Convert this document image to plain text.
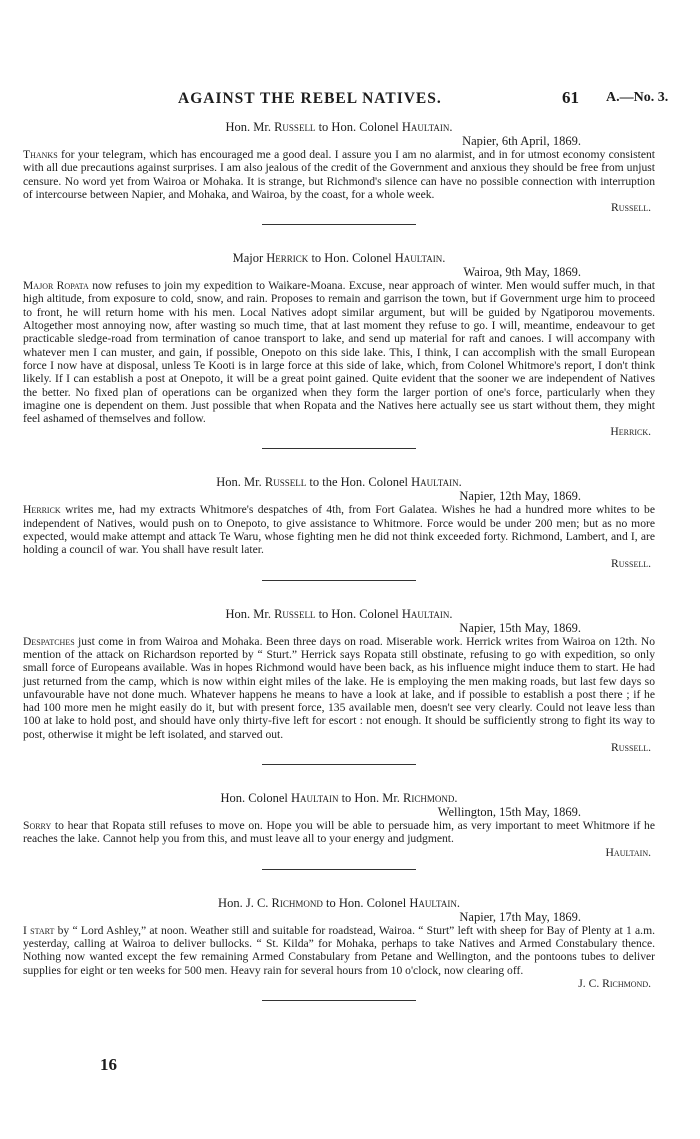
AGAINST THE REBEL NATIVES.	61 A.—No. 3.

Hon. Mr. Russell to Hon. Colonel Haultain.

Napier, 6th April, 1869.

Thanks for your telegram, which has encouraged me a good deal. I assure you I am no alarmist, and in for utmost economy consistent with all due precautions against surprises. I am also jealous of the credit of the Government and anxious they should be free from unjust censure. No word yet from Wairoa or Mohaka. It is strange, but Richmond's silence can have no possible connection with interruption of intercourse between Napier, and Mohaka, and Wairoa, by the coast, for a whole week.

Russell.

Major Herrick to Hon. Colonel Haultain.

Wairoa, 9th May, 1869.

Major Ropata now refuses to join my expedition to Waikare-Moana. Excuse, near approach of winter. Men would suffer much, in that high altitude, from exposure to cold, snow, and rain. Proposes to remain and garrison the town, but if Government urge him to proceed to front, he will return home with his men. Local Natives adopt similar argument, but will be guided by Ngatiporou movements. Altogether most annoying now, after wasting so much time, that at last moment they refuse to go. I will, meantime, endeavour to get practicable sledge-road from termination of canoe transport to lake, and send up material for raft and canoes. I will accompany with whatever men I can muster, and gain, if possible, Onepoto on this side lake. This, I think, I can accomplish with the small European force I now have at disposal, unless Te Kooti is in large force at this side of lake, which, from Colonel Whitmore's report, I don't think likely. If I can establish a post at Onepoto, it will be a great point gained. Quite evident that the sooner we are independent of Natives the better. No fixed plan of operations can be organized when they form the larger portion of one's force, particularly when they imagine one is dependent on them. Just possible that when Ropata and the Natives here actually see us start without them, they might feel ashamed of themselves and follow.

Herrick.

Hon. Mr. Russell to the Hon. Colonel Haultain.

Napier, 12th May, 1869.

Herrick writes me, had my extracts Whitmore's despatches of 4th, from Fort Galatea. Wishes he had a hundred more whites to be independent of Natives, would push on to Onepoto, to give assistance to Whitmore. Force would be under 200 men; but as no more expected, would make attempt and attack Te Waru, whose fighting men he did not think exceeded forty. Richmond, Lambert, and I, are holding a council of war. You shall have result later.

Russell.

Hon. Mr. Russell to Hon. Colonel Haultain.

Napier, 15th May, 1869.

Despatches just come in from Wairoa and Mohaka. Been three days on road. Miserable work. Herrick writes from Wairoa on 12th. No mention of the attack on Richardson reported by “ Sturt.” Herrick says Ropata still obstinate, refusing to go with expedition, so only small force of Europeans available. Was in hopes Richmond would have been back, as his influence might induce them to start. He had just returned from the camp, which is now within eight miles of the lake. He is employing the men making roads, but last few days so unfavourable have not done much. Whatever happens he means to have a look at lake, and if possible to establish a post there ; if he had 100 more men he might easily do it, but with present force, 135 available men, doesn't see very clearly. Could not leave less than 100 at lake to hold post, and should have only thirty-five left for escort : not enough. It should be sufficiently strong to fight its way to post, otherwise it might be left isolated, and starved out.

Russell.

Hon. Colonel Haultain to Hon. Mr. Richmond.

Wellington, 15th May, 1869.

Sorry to hear that Ropata still refuses to move on. Hope you will be able to persuade him, as very important to meet Whitmore if he reaches the lake. Cannot help you from this, and must leave all to your energy and judgment.

Haultain.

Hon. J. C. Richmond to Hon. Colonel Haultain.

Napier, 17th May, 1869.

I start by “ Lord Ashley,” at noon. Weather still and suitable for roadstead, Wairoa. “ Sturt” left with sheep for Bay of Plenty at 1 a.m. yesterday, calling at Wairoa to deliver bullocks. “ St. Kilda” for Mohaka, perhaps to take Natives and Armed Constabulary thence. Nothing now wanted except the few remaining Armed Constabulary from Petane and Wellington, and the pontoons tubes to deliver supplies for eight or ten weeks for 500 men. Heavy rain for several hours from 10 o'clock, now clearing off.

J. C. Richmond.

16
